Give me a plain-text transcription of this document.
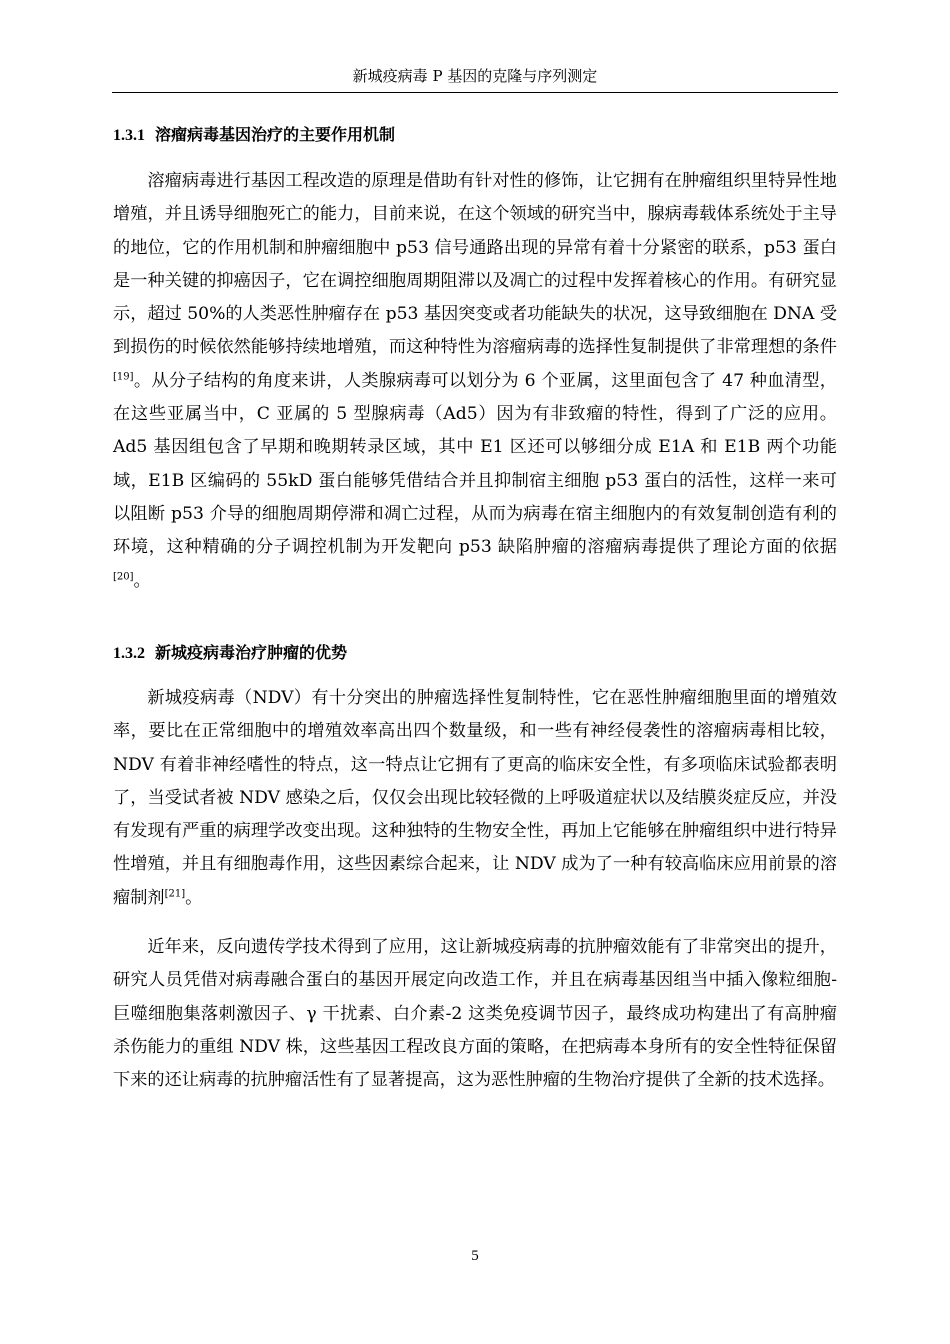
新城疫病毒 P 基因的克隆与序列测定
1.3.1 溶瘤病毒基因治疗的主要作用机制

溶瘤病毒进行基因工程改造的原理是借助有针对性的修饰，让它拥有在肿瘤组织里特异性地增殖，并且诱导细胞死亡的能力，目前来说，在这个领域的研究当中，腺病毒载体系统处于主导的地位，它的作用机制和肿瘤细胞中 p53 信号通路出现的异常有着十分紧密的联系，p53 蛋白是一种关键的抑癌因子，它在调控细胞周期阻滞以及凋亡的过程中发挥着核心的作用。有研究显示，超过 50%的人类恶性肿瘤存在 p53 基因突变或者功能缺失的状况，这导致细胞在 DNA 受到损伤的时候依然能够持续地增殖，而这种特性为溶瘤病毒的选择性复制提供了非常理想的条件[19]。从分子结构的角度来讲，人类腺病毒可以划分为 6 个亚属，这里面包含了 47 种血清型，在这些亚属当中，C 亚属的 5 型腺病毒（Ad5）因为有非致瘤的特性，得到了广泛的应用。Ad5 基因组包含了早期和晚期转录区域，其中 E1 区还可以够细分成 E1A 和 E1B 两个功能域，E1B 区编码的 55kD 蛋白能够凭借结合并且抑制宿主细胞 p53 蛋白的活性，这样一来可以阻断 p53 介导的细胞周期停滞和凋亡过程，从而为病毒在宿主细胞内的有效复制创造有利的环境，这种精确的分子调控机制为开发靶向 p53 缺陷肿瘤的溶瘤病毒提供了理论方面的依据[20]。

1.3.2 新城疫病毒治疗肿瘤的优势

新城疫病毒（NDV）有十分突出的肿瘤选择性复制特性，它在恶性肿瘤细胞里面的增殖效率，要比在正常细胞中的增殖效率高出四个数量级，和一些有神经侵袭性的溶瘤病毒相比较，NDV 有着非神经嗜性的特点，这一特点让它拥有了更高的临床安全性，有多项临床试验都表明了，当受试者被 NDV 感染之后，仅仅会出现比较轻微的上呼吸道症状以及结膜炎症反应，并没有发现有严重的病理学改变出现。这种独特的生物安全性，再加上它能够在肿瘤组织中进行特异性增殖，并且有细胞毒作用，这些因素综合起来，让 NDV 成为了一种有较高临床应用前景的溶瘤制剂[21]。

近年来，反向遗传学技术得到了应用，这让新城疫病毒的抗肿瘤效能有了非常突出的提升，研究人员凭借对病毒融合蛋白的基因开展定向改造工作，并且在病毒基因组当中插入像粒细胞-巨噬细胞集落刺激因子、γ 干扰素、白介素-2 这类免疫调节因子，最终成功构建出了有高肿瘤杀伤能力的重组 NDV 株，这些基因工程改良方面的策略，在把病毒本身所有的安全性特征保留下来的还让病毒的抗肿瘤活性有了显著提高，这为恶性肿瘤的生物治疗提供了全新的技术选择。

5
